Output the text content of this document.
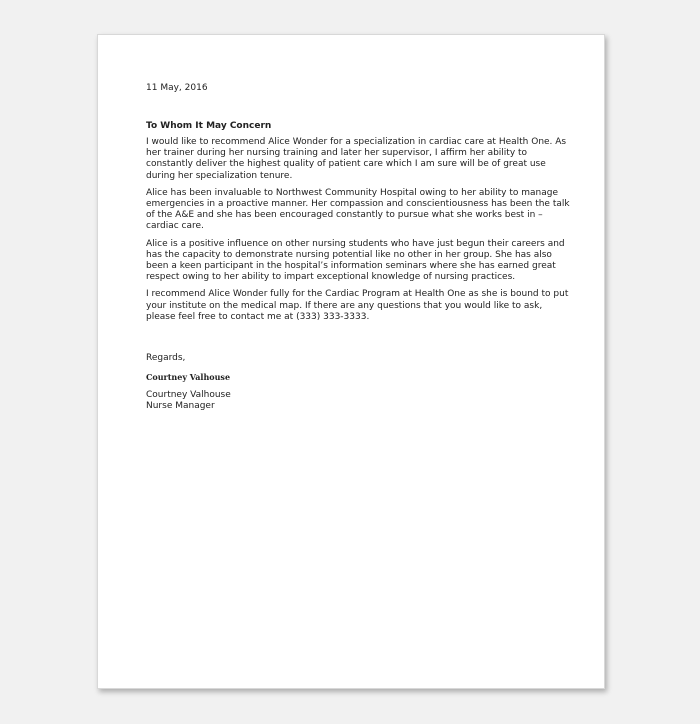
11 May, 2016
To Whom It May Concern

I would like to recommend Alice Wonder for a specialization in cardiac care at Health One. As her trainer during her nursing training and later her supervisor, I affirm her ability to constantly deliver the highest quality of patient care which I am sure will be of great use during her specialization tenure.

Alice has been invaluable to Northwest Community Hospital owing to her ability to manage emergencies in a proactive manner. Her compassion and conscientiousness has been the talk of the A&E and she has been encouraged constantly to pursue what she works best in – cardiac care.

Alice is a positive influence on other nursing students who have just begun their careers and has the capacity to demonstrate nursing potential like no other in her group. She has also been a keen participant in the hospital’s information seminars where she has earned great respect owing to her ability to impart exceptional knowledge of nursing practices.

I recommend Alice Wonder fully for the Cardiac Program at Health One as she is bound to put your institute on the medical map. If there are any questions that you would like to ask, please feel free to contact me at (333) 333-3333.

Regards,
Courtney Valhouse
Courtney Valhouse
Nurse Manager
